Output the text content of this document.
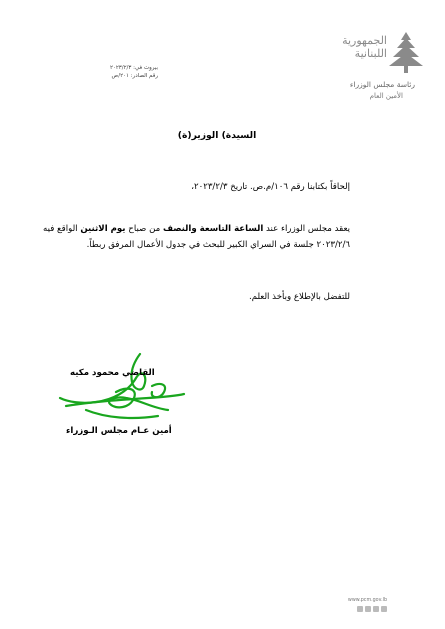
الجمهورية
اللبنانية
رئاسة مجلس الوزراء
الأمين العام
بيروت في: ٢٠٢٣/٢/٣
رقم الصادر: ٢٠١/ص
السيدة) الوزير(ة)
إلحاقاً بكتابنا رقم ١٠٦/م.ص. تاريخ ٢٠٢٣/٢/٣،
يعقد مجلس الوزراء عند الساعة التاسعة والنصف من صباح يوم الاثنين الواقع فيه
٢٠٢٣/٢/٦ جلسة في السراي الكبير للبحث في جدول الأعمال المرفق ربطاً.
للتفضل بالإطلاع وبأخذ العلم.
القاضي محمود مكيه
أمين عـام مجلس الـوزراء
www.pcm.gov.lb
